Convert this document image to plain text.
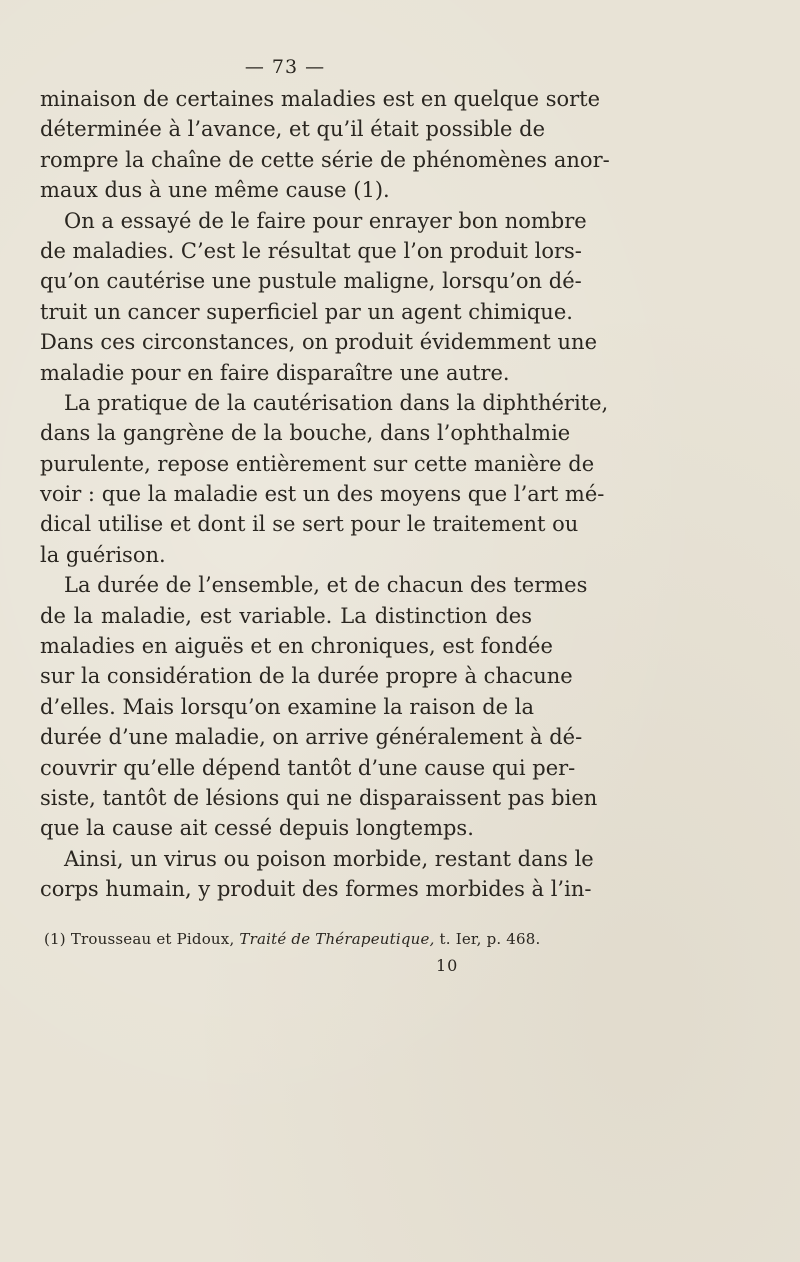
— 73 —
minaison de certaines maladies est en quelque sorte
déterminée à l’avance, et qu’il était possible de
rompre la chaîne de cette série de phénomènes anor-
maux dus à une même cause (1).
On a essayé de le faire pour enrayer bon nombre
de maladies. C’est le résultat que l’on produit lors-
qu’on cautérise une pustule maligne, lorsqu’on dé-
truit un cancer superficiel par un agent chimique.
Dans ces circonstances, on produit évidemment une
maladie pour en faire disparaître une autre.
La pratique de la cautérisation dans la diphthérite,
dans la gangrène de la bouche, dans l’ophthalmie
purulente, repose entièrement sur cette manière de
voir : que la maladie est un des moyens que l’art mé-
dical utilise et dont il se sert pour le traitement ou
la guérison.
La durée de l’ensemble, et de chacun des termes
de la maladie, est variable. La distinction des
maladies en aiguës et en chroniques, est fondée
sur la considération de la durée propre à chacune
d’elles. Mais lorsqu’on examine la raison de la
durée d’une maladie, on arrive généralement à dé-
couvrir qu’elle dépend tantôt d’une cause qui per-
siste, tantôt de lésions qui ne disparaissent pas bien
que la cause ait cessé depuis longtemps.
Ainsi, un virus ou poison morbide, restant dans le
corps humain, y produit des formes morbides à l’in-
(1) Trousseau et Pidoux, Traité de Thérapeutique, t. Ier, p. 468.
10
